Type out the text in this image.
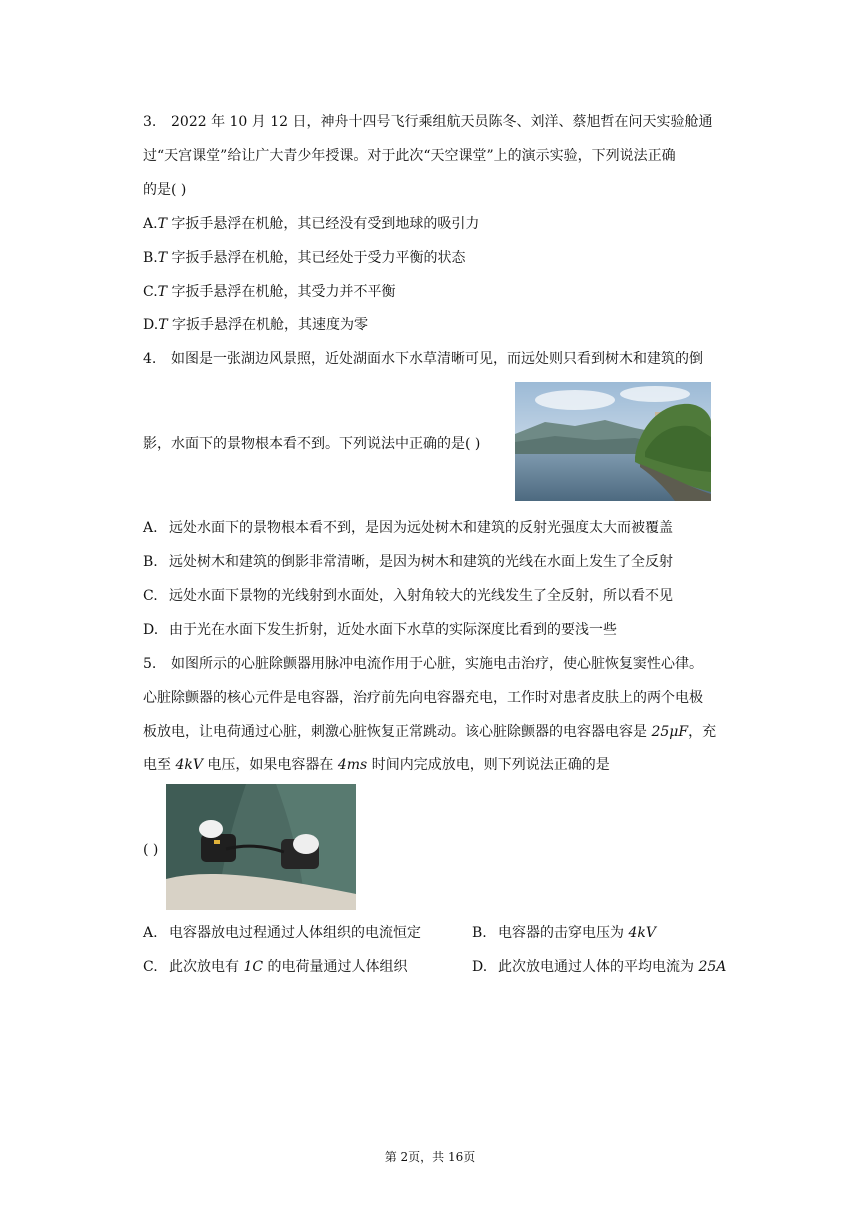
3. 2022 年 10 月 12 日，神舟十四号飞行乘组航天员陈冬、刘洋、蔡旭哲在问天实验舱通
过“天宫课堂”给让广大青少年授课。对于此次“天空课堂”上的演示实验，下列说法正确
的是( )
A.T 字扳手悬浮在机舱，其已经没有受到地球的吸引力
B.T 字扳手悬浮在机舱，其已经处于受力平衡的状态
C.T 字扳手悬浮在机舱，其受力并不平衡
D.T 字扳手悬浮在机舱，其速度为零
4. 如图是一张湖边风景照，近处湖面水下水草清晰可见，而远处则只看到树木和建筑的倒
影，水面下的景物根本看不到。下列说法中正确的是( )
A. 远处水面下的景物根本看不到，是因为远处树木和建筑的反射光强度太大而被覆盖
B. 远处树木和建筑的倒影非常清晰，是因为树木和建筑的光线在水面上发生了全反射
C. 远处水面下景物的光线射到水面处，入射角较大的光线发生了全反射，所以看不见
D. 由于光在水面下发生折射，近处水面下水草的实际深度比看到的要浅一些
5. 如图所示的心脏除颤器用脉冲电流作用于心脏，实施电击治疗，使心脏恢复窦性心律。
心脏除颤器的核心元件是电容器，治疗前先向电容器充电，工作时对患者皮肤上的两个电极
板放电，让电荷通过心脏，刺激心脏恢复正常跳动。该心脏除颤器的电容器电容是 25μF，充
电至 4kV 电压，如果电容器在 4ms 时间内完成放电，则下列说法正确的是
( )
A. 电容器放电过程通过人体组织的电流恒定	B. 电容器的击穿电压为 4kV
C. 此次放电有 1C 的电荷量通过人体组织	D. 此次放电通过人体的平均电流为 25A
第 2页，共 16页
